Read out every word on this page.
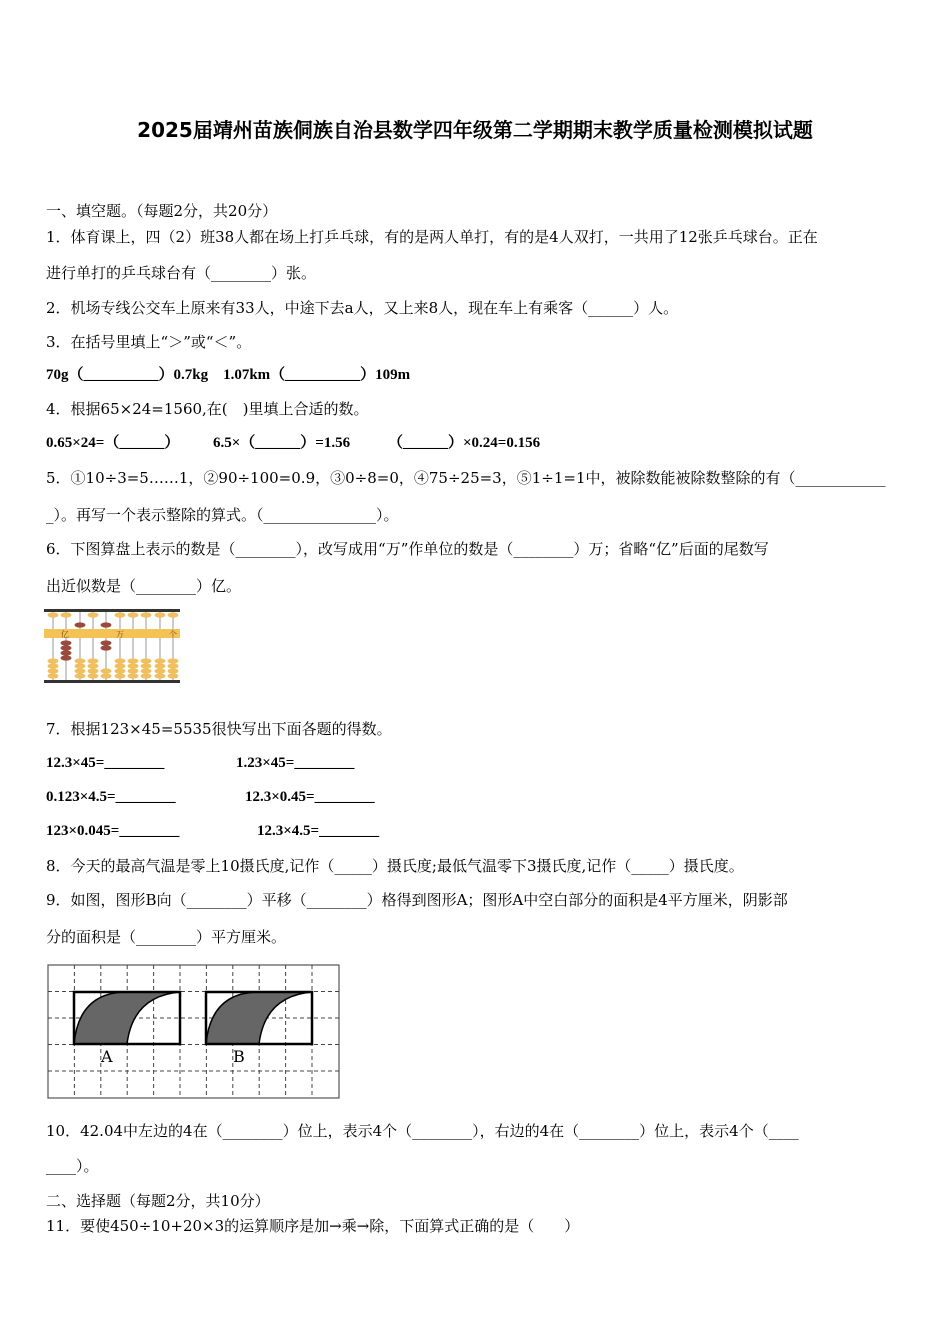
2025届靖州苗族侗族自治县数学四年级第二学期期末教学质量检测模拟试题
一、填空题。（每题2分，共20分）
1．体育课上，四（2）班38人都在场上打乒乓球，有的是两人单打，有的是4人双打，一共用了12张乒乓球台。正在
进行单打的乒乓球台有（________）张。
2．机场专线公交车上原来有33人，中途下去a人，又上来8人，现在车上有乘客（______）人。
3．在括号里填上“＞”或“＜”。
70g（__________）0.7kg　1.07km（__________）109m
4．根据65×24=1560,在(　)里填上合适的数。
0.65×24=（______） 6.5×（______）=1.56	（______）×0.24=0.156
5．①10÷3=5……1，②90÷100=0.9，③0÷8=0，④75÷25=3，⑤1÷1=1中，被除数能被除数整除的有（____________
_）。再写一个表示整除的算式。（_______________）。
6．下图算盘上表示的数是（________），改写成用“万”作单位的数是（________）万；省略“亿”后面的尾数写
出近似数是（________）亿。
亿	万	个
7．根据123×45=5535很快写出下面各题的得数。
12.3×45=________	1.23×45=________
0.123×4.5=________	12.3×0.45=________
123×0.045=________	12.3×4.5=________
8．今天的最高气温是零上10摄氏度,记作（_____）摄氏度;最低气温零下3摄氏度,记作（_____）摄氏度。
9．如图，图形B向（________）平移（________）格得到图形A；图形A中空白部分的面积是4平方厘米，阴影部
分的面积是（________）平方厘米。
A	B
10．42.04中左边的4在（________）位上，表示4个（________），右边的4在（________）位上，表示4个（____
____）。
二、选择题（每题2分，共10分）
11．要使450÷10+20×3的运算顺序是加→乘→除，下面算式正确的是（　　）
